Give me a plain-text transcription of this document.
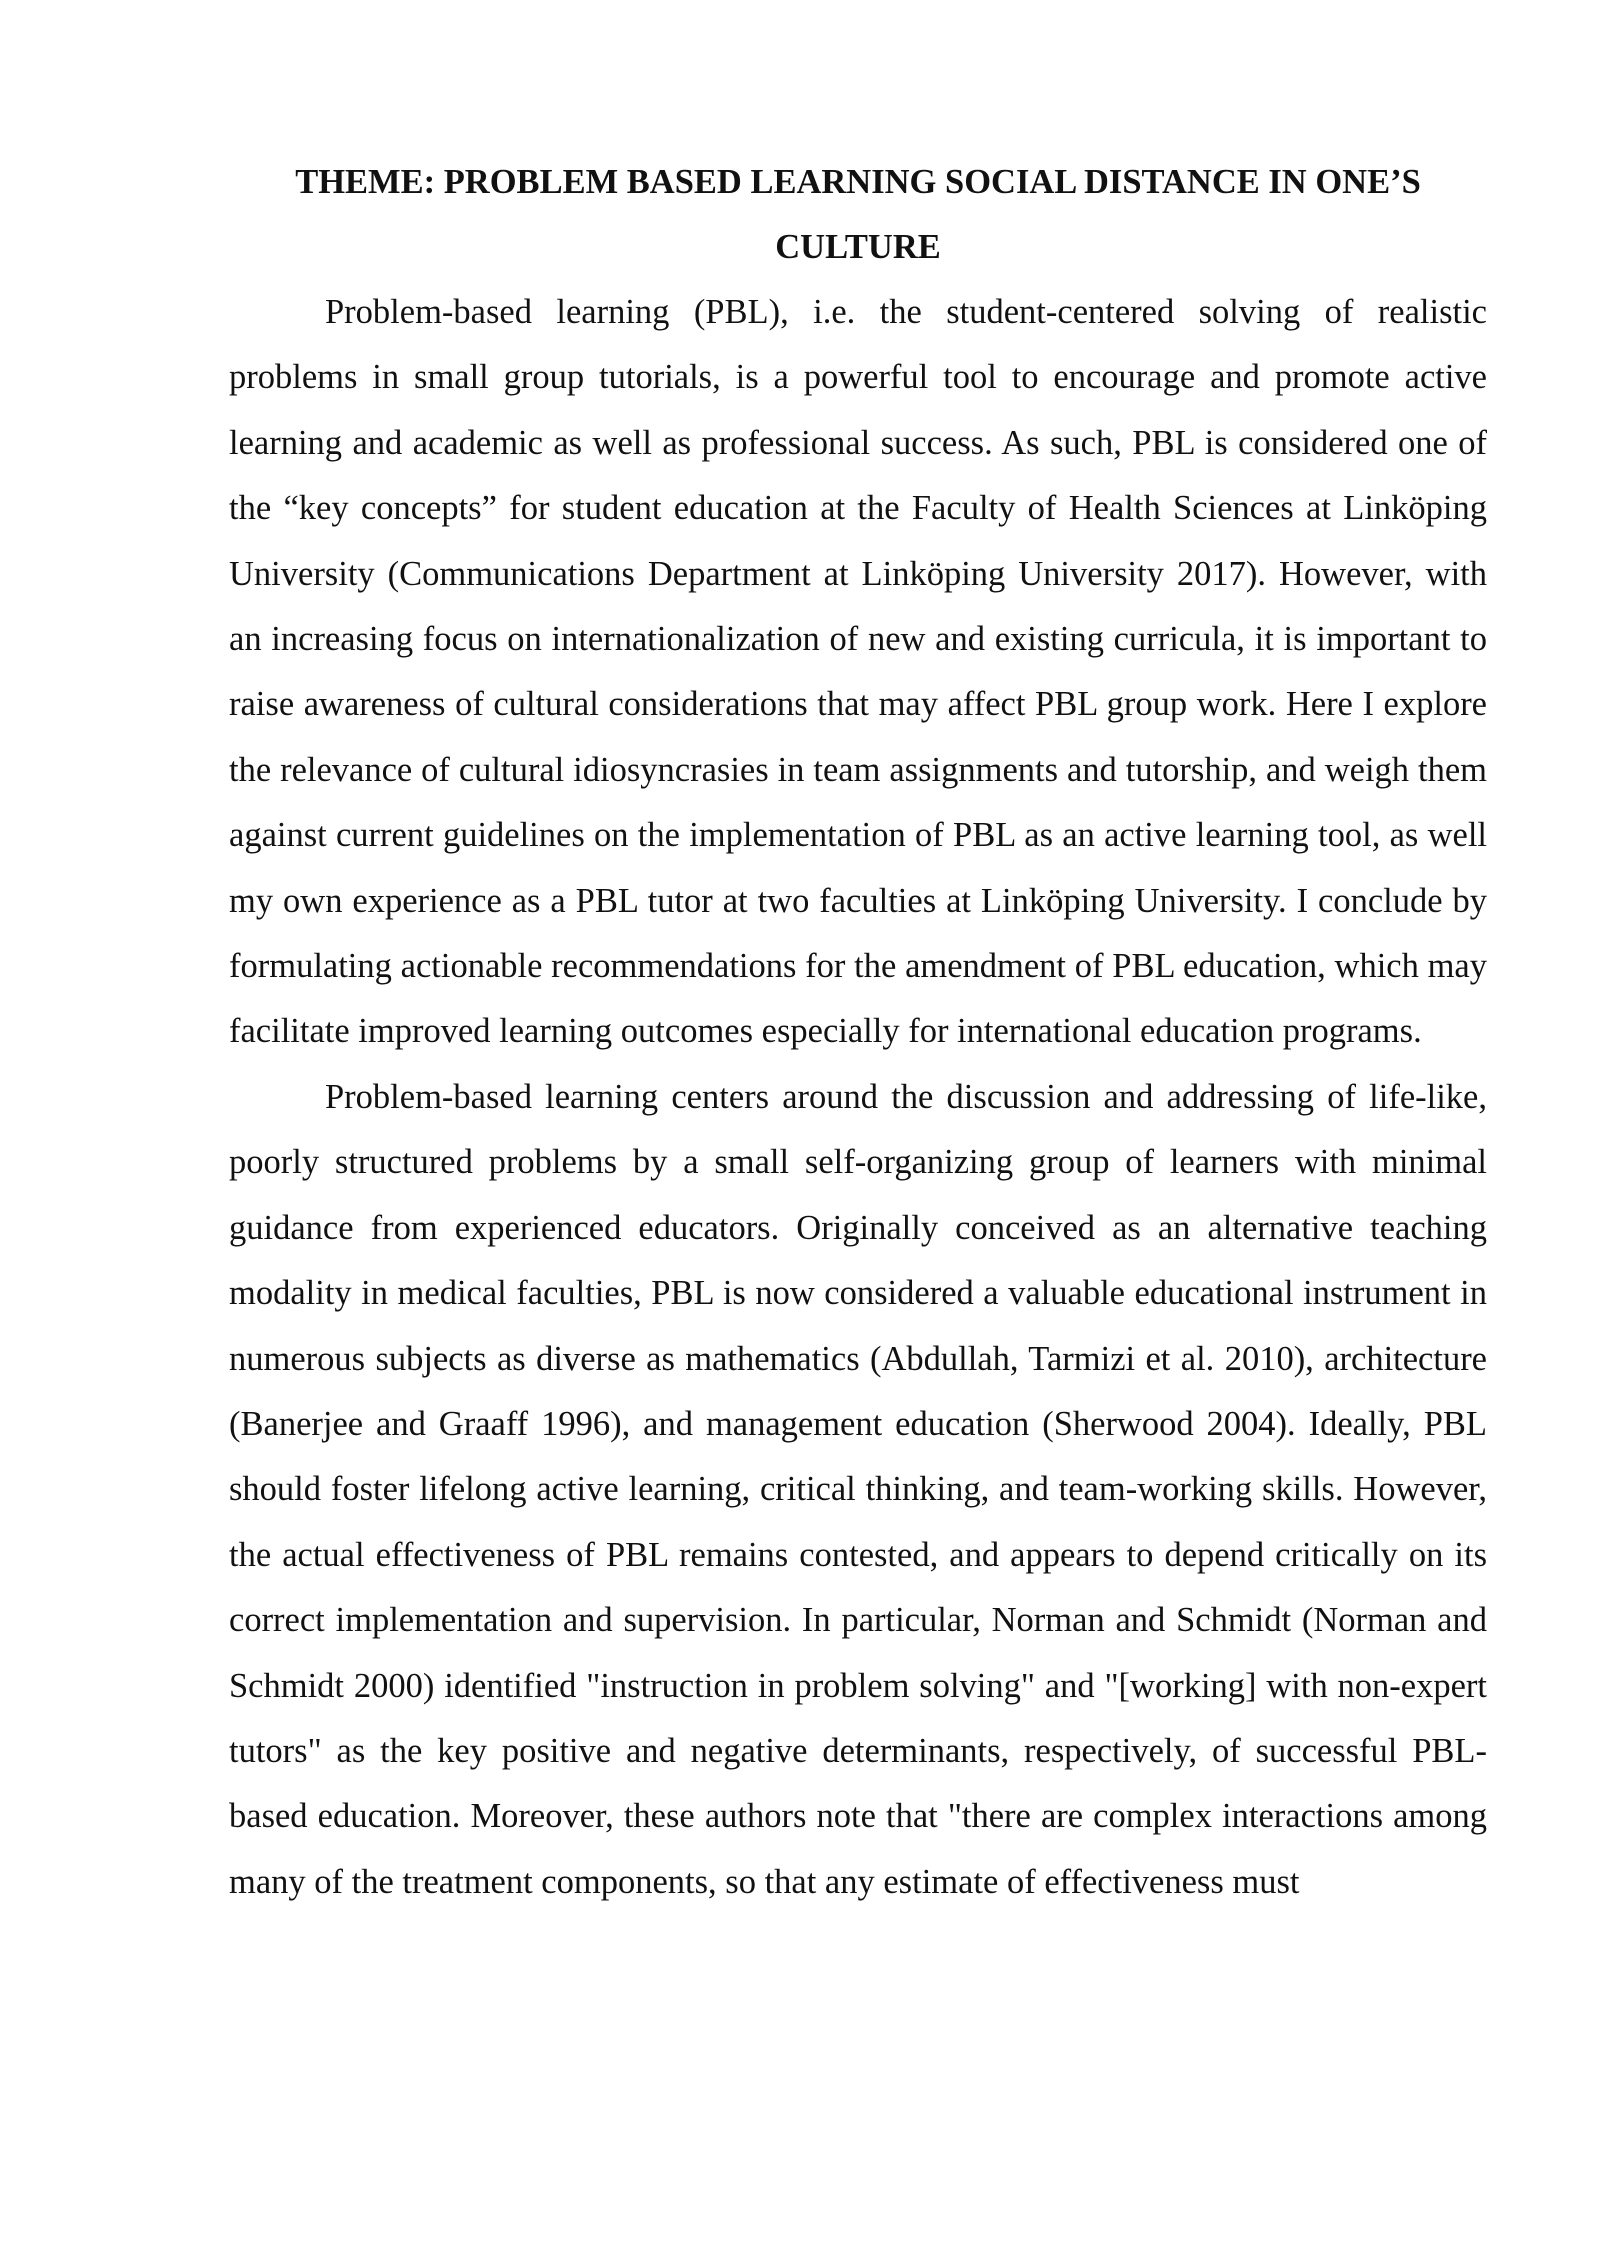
THEME: PROBLEM BASED LEARNING SOCIAL DISTANCE IN ONE’S
CULTURE

Problem-based learning (PBL), i.e. the student-centered solving of realistic problems in small group tutorials, is a powerful tool to encourage and promote active learning and academic as well as professional success. As such, PBL is considered one of the “key concepts” for student education at the Faculty of Health Sciences at Linköping University (Communications Department at Linköping University 2017). However, with an increasing focus on internationalization of new and existing curricula, it is important to raise awareness of cultural considerations that may affect PBL group work. Here I explore the relevance of cultural idiosyncrasies in team assignments and tutorship, and weigh them against current guidelines on the implementation of PBL as an active learning tool, as well my own experience as a PBL tutor at two faculties at Linköping University. I conclude by formulating actionable recommendations for the amendment of PBL education, which may facilitate improved learning outcomes especially for international education programs.

Problem-based learning centers around the discussion and addressing of life-like, poorly structured problems by a small self-organizing group of learners with minimal guidance from experienced educators. Originally conceived as an alternative teaching modality in medical faculties, PBL is now considered a valuable educational instrument in numerous subjects as diverse as mathematics (Abdullah, Tarmizi et al. 2010), architecture (Banerjee and Graaff 1996), and management education (Sherwood 2004). Ideally, PBL should foster lifelong active learning, critical thinking, and team-working skills. However, the actual effectiveness of PBL remains contested, and appears to depend critically on its correct implementation and supervision. In particular, Norman and Schmidt (Norman and Schmidt 2000) identified "instruction in problem solving" and "[working] with non-expert tutors" as the key positive and negative determinants, respectively, of successful PBL-based education. Moreover, these authors note that "there are complex interactions among many of the treatment components, so that any estimate of effectiveness must
